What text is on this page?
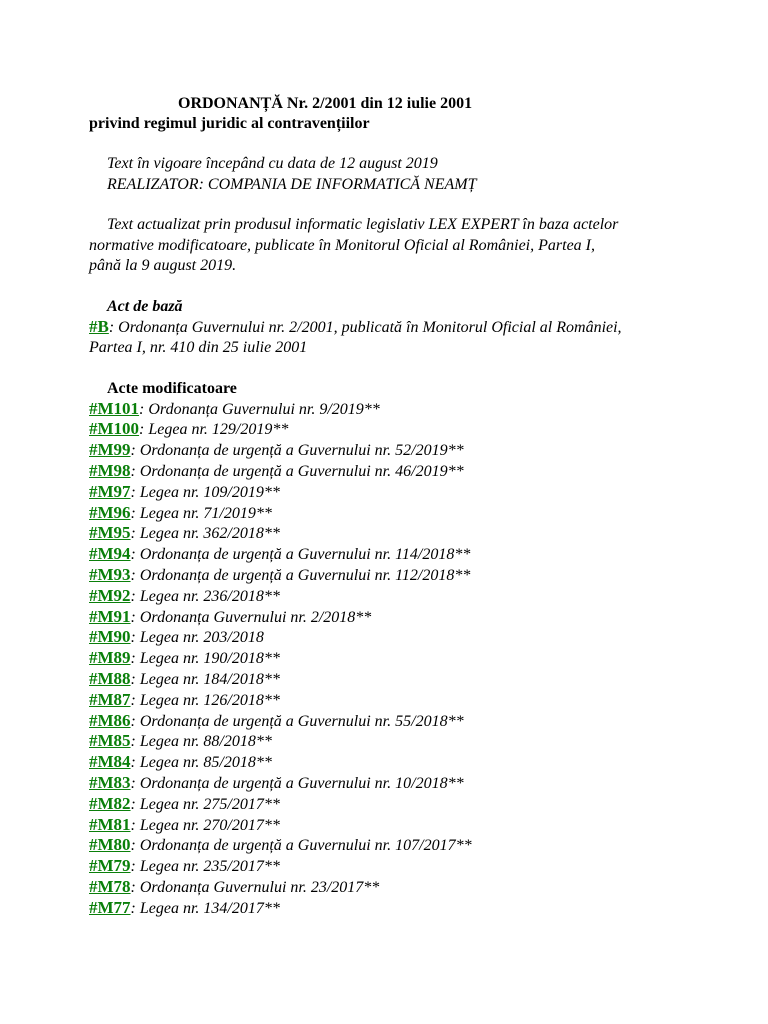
ORDONANȚĂ Nr. 2/2001 din 12 iulie 2001
privind regimul juridic al contravențiilor
Text în vigoare începând cu data de 12 august 2019
REALIZATOR: COMPANIA DE INFORMATICĂ NEAMȚ
Text actualizat prin produsul informatic legislativ LEX EXPERT în baza actelor
normative modificatoare, publicate în Monitorul Oficial al României, Partea I,
până la 9 august 2019.
Act de bază
#B: Ordonanța Guvernului nr. 2/2001, publicată în Monitorul Oficial al României,
Partea I, nr. 410 din 25 iulie 2001
Acte modificatoare
#M101: Ordonanța Guvernului nr. 9/2019**
#M100: Legea nr. 129/2019**
#M99: Ordonanța de urgență a Guvernului nr. 52/2019**
#M98: Ordonanța de urgență a Guvernului nr. 46/2019**
#M97: Legea nr. 109/2019**
#M96: Legea nr. 71/2019**
#M95: Legea nr. 362/2018**
#M94: Ordonanța de urgență a Guvernului nr. 114/2018**
#M93: Ordonanța de urgență a Guvernului nr. 112/2018**
#M92: Legea nr. 236/2018**
#M91: Ordonanța Guvernului nr. 2/2018**
#M90: Legea nr. 203/2018
#M89: Legea nr. 190/2018**
#M88: Legea nr. 184/2018**
#M87: Legea nr. 126/2018**
#M86: Ordonanța de urgență a Guvernului nr. 55/2018**
#M85: Legea nr. 88/2018**
#M84: Legea nr. 85/2018**
#M83: Ordonanța de urgență a Guvernului nr. 10/2018**
#M82: Legea nr. 275/2017**
#M81: Legea nr. 270/2017**
#M80: Ordonanța de urgență a Guvernului nr. 107/2017**
#M79: Legea nr. 235/2017**
#M78: Ordonanța Guvernului nr. 23/2017**
#M77: Legea nr. 134/2017**
